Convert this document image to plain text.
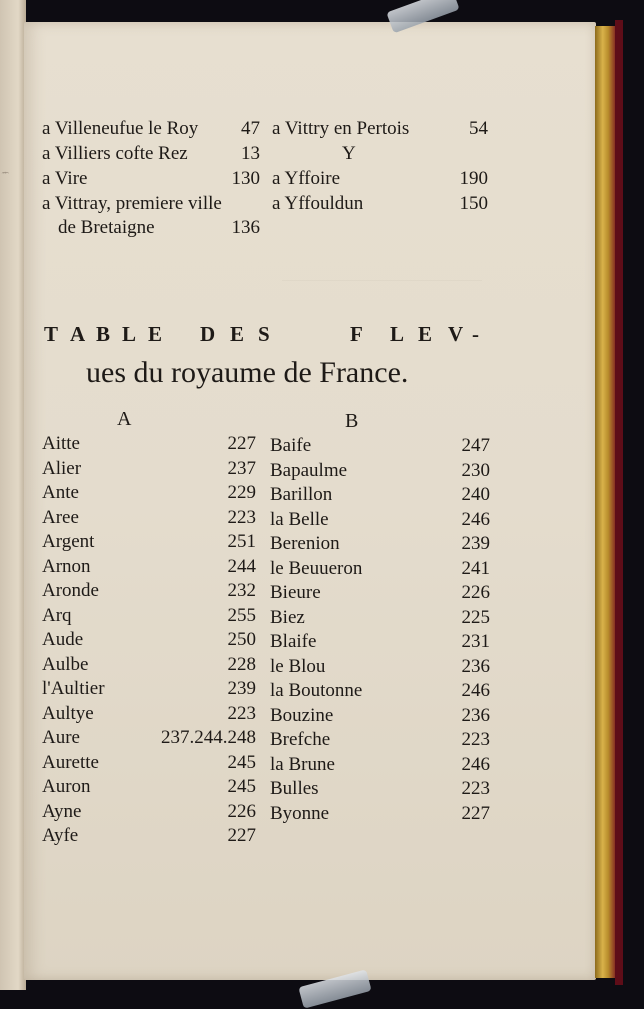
͡ ̈
a Villeneufue le Roy 47
a Villiers cofte Rez	13
a Vire	130
a Vittray, premiere ville
de Bretaigne	136
a Vittry en Pertois	54
Y
a Yffoire	190
a Yffouldun	150
T A B L E D E S	F L E V -
ues du royaume de France.
A	B
Aitte	227
Alier	237
Ante	229
Aree	223
Argent	251
Arnon	244
Aronde	232
Arq	255
Aude	250
Aulbe	228
l'Aultier	239
Aultye	223
Aure	237.244.248
Aurette	245
Auron	245
Ayne	226
Ayfe	227
Baife	247
Bapaulme	230
Barillon	240
la Belle	246
Berenion	239
le Beuueron	241
Bieure	226
Biez	225
Blaife	231
le Blou	236
la Boutonne	246
Bouzine	236
Brefche	223
la Brune	246
Bulles	223
Byonne	227
